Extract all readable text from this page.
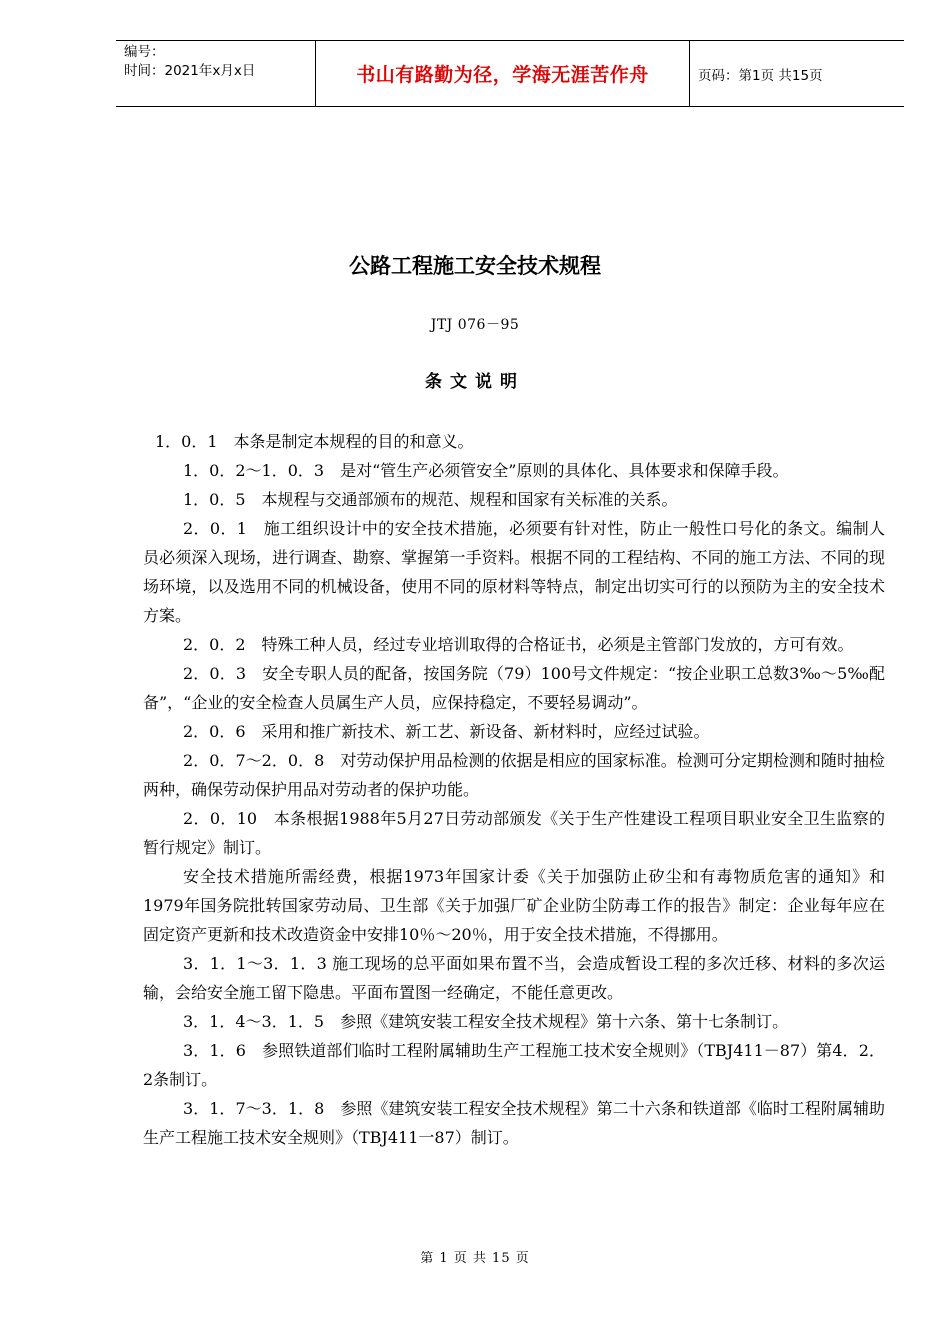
编号：
时间：2021年x月x日	书山有路勤为径，学海无涯苦作舟	页码：第1页 共15页
公路工程施工安全技术规程
JTJ 076－95
条文说明

1．0．1　本条是制定本规程的目的和意义。

1．0．2～1．0．3　是对“管生产必须管安全”原则的具体化、具体要求和保障手段。

1．0．5　本规程与交通部颁布的规范、规程和国家有关标准的关系。

2．0．1　施工组织设计中的安全技术措施，必须要有针对性，防止一般性口号化的条文。编制人员必须深入现场，进行调查、勘察、掌握第一手资料。根据不同的工程结构、不同的施工方法、不同的现场环境，以及选用不同的机械设备，使用不同的原材料等特点，制定出切实可行的以预防为主的安全技术方案。

2．0．2　特殊工种人员，经过专业培训取得的合格证书，必须是主管部门发放的，方可有效。

2．0．3　安全专职人员的配备，按国务院（79）100号文件规定：“按企业职工总数3‰～5‰配备”，“企业的安全检查人员属生产人员，应保持稳定，不要轻易调动”。

2．0．6　采用和推广新技术、新工艺、新设备、新材料时，应经过试验。

2．0．7～2．0．8　对劳动保护用品检测的依据是相应的国家标准。检测可分定期检测和随时抽检两种，确保劳动保护用品对劳动者的保护功能。

2．0．10　本条根据1988年5月27日劳动部颁发《关于生产性建设工程项目职业安全卫生监察的暂行规定》制订。

安全技术措施所需经费，根据1973年国家计委《关于加强防止矽尘和有毒物质危害的通知》和1979年国务院批转国家劳动局、卫生部《关于加强厂矿企业防尘防毒工作的报告》制定：企业每年应在固定资产更新和技术改造资金中安排10％～20％，用于安全技术措施，不得挪用。

3．1．1～3．1．3 施工现场的总平面如果布置不当，会造成暂设工程的多次迁移、材料的多次运输，会给安全施工留下隐患。平面布置图一经确定，不能任意更改。

3．1．4～3．1．5　参照《建筑安装工程安全技术规程》第十六条、第十七条制订。

3．1．6　参照铁道部们临时工程附属辅助生产工程施工技术安全规则》（TBJ411－87）第4．2．2条制订。

3．1．7～3．1．8　参照《建筑安装工程安全技术规程》第二十六条和铁道部《临时工程附属辅助生产工程施工技术安全规则》（TBJ411一87）制订。

第 1 页 共 15 页
